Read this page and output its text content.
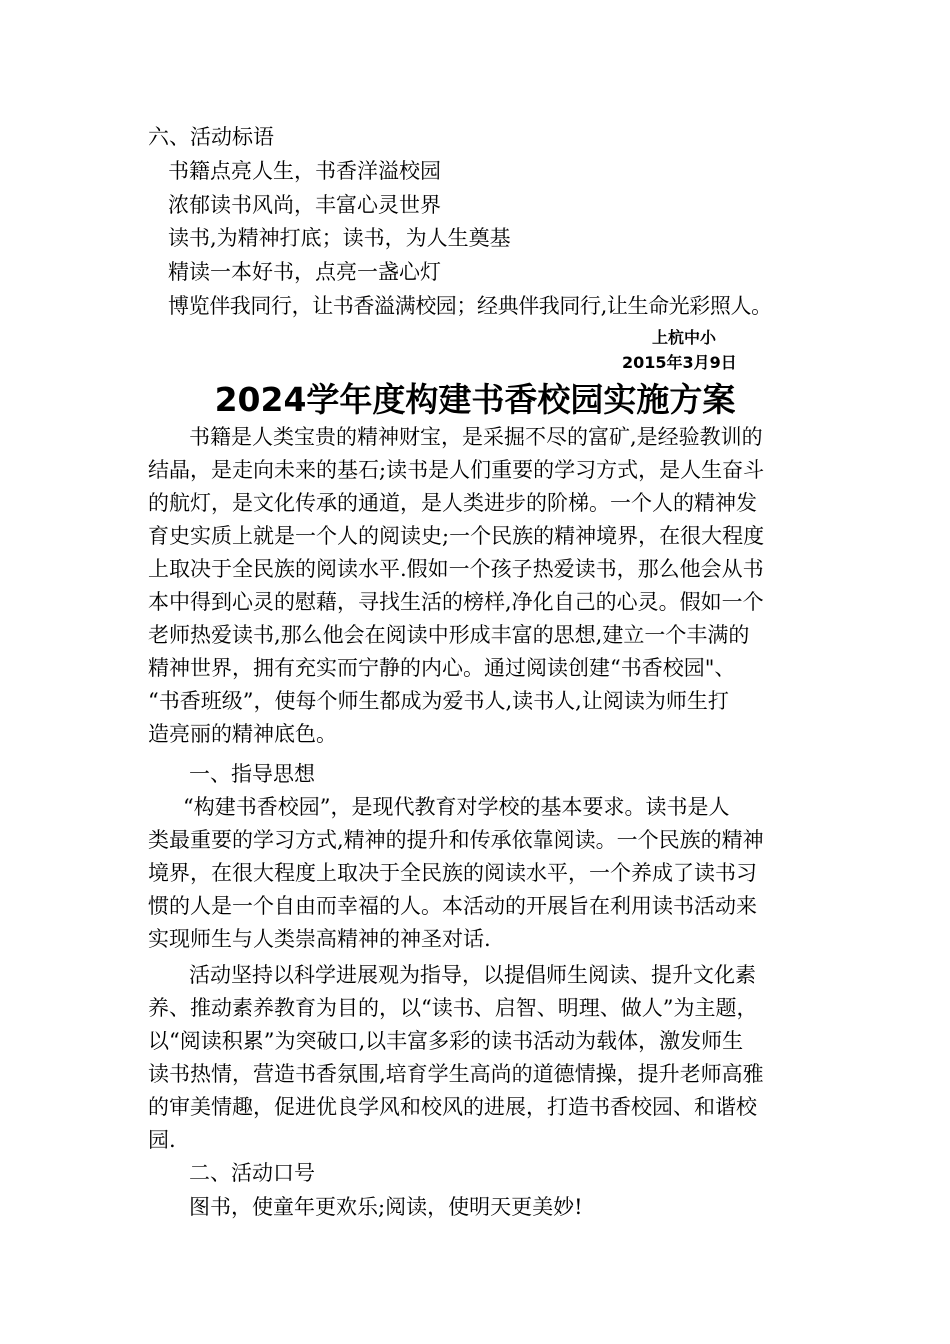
六、活动标语
书籍点亮人生，书香洋溢校园
浓郁读书风尚，丰富心灵世界
读书,为精神打底；读书，为人生奠基
精读一本好书，点亮一盏心灯
博览伴我同行，让书香溢满校园；经典伴我同行,让生命光彩照人。
上杭中小
2015年3月9日
2024学年度构建书香校园实施方案
书籍是人类宝贵的精神财宝，是采掘不尽的富矿,是经验教训的
结晶，是走向未来的基石;读书是人们重要的学习方式，是人生奋斗
的航灯，是文化传承的通道，是人类进步的阶梯。一个人的精神发
育史实质上就是一个人的阅读史;一个民族的精神境界，在很大程度
上取决于全民族的阅读水平.假如一个孩子热爱读书，那么他会从书
本中得到心灵的慰藉，寻找生活的榜样,净化自己的心灵。假如一个
老师热爱读书,那么他会在阅读中形成丰富的思想,建立一个丰满的
精神世界，拥有充实而宁静的内心。通过阅读创建“书香校园"、
“书香班级”，使每个师生都成为爱书人,读书人,让阅读为师生打
造亮丽的精神底色。
一、指导思想
“构建书香校园”，是现代教育对学校的基本要求。读书是人
类最重要的学习方式,精神的提升和传承依靠阅读。一个民族的精神
境界，在很大程度上取决于全民族的阅读水平，一个养成了读书习
惯的人是一个自由而幸福的人。本活动的开展旨在利用读书活动来
实现师生与人类崇高精神的神圣对话.
活动坚持以科学进展观为指导，以提倡师生阅读、提升文化素
养、推动素养教育为目的，以“读书、启智、明理、做人”为主题，
以“阅读积累”为突破口,以丰富多彩的读书活动为载体，激发师生
读书热情，营造书香氛围,培育学生高尚的道德情操，提升老师高雅
的审美情趣，促进优良学风和校风的进展，打造书香校园、和谐校
园.
二、活动口号
图书，使童年更欢乐;阅读，使明天更美妙!
